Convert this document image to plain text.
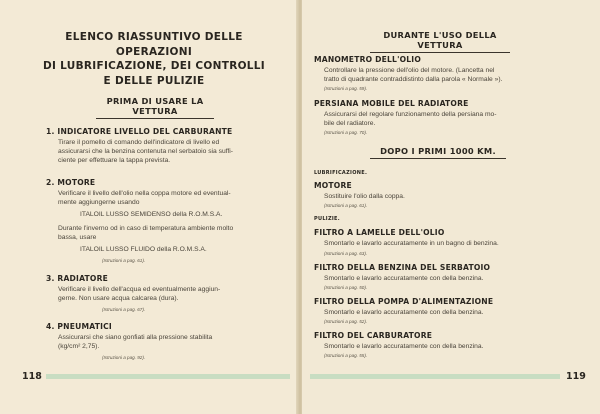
ELENCO RIASSUNTIVO DELLE OPERAZIONI
DI LUBRIFICAZIONE, DEI CONTROLLI
E DELLE PULIZIE
PRIMA DI USARE LA VETTURA
1. INDICATORE LIVELLO DEL CARBURANTE
Tirare il pomello di comando dell'indicatore di livello ed
assicurarsi che la benzina contenuta nel serbatoio sia suffi-
ciente per effettuare la tappa prevista.
2. MOTORE
Verificare il livello dell'olio nella coppa motore ed eventual-
mente aggiungerne usando
ITALOIL LUSSO SEMIDENSO della R.O.M.S.A.
Durante l'inverno od in caso di temperatura ambiente molto
bassa, usare
ITALOIL LUSSO FLUIDO della R.O.M.S.A.
(Istruzioni a pag. 61).
3. RADIATORE
Verificare il livello dell'acqua ed eventualmente aggiun-
gerne. Non usare acqua calcarea (dura).
(Istruzioni a pag. 67).
4. PNEUMATICI
Assicurarsi che siano gonfiati alla pressione stabilita
(kg/cm² 2,75).
(Istruzioni a pag. 92).
118
DURANTE L'USO DELLA VETTURA
MANOMETRO DELL'OLIO
Controllare la pressione dell'olio del motore. (Lancetta nel
tratto di quadrante contraddistinto dalla parola « Normale »).
(Istruzioni a pag. 59).
PERSIANA MOBILE DEL RADIATORE
Assicurarsi del regolare funzionamento della persiana mo-
bile del radiatore.
(Istruzioni a pag. 70).
DOPO I PRIMI 1000 KM.
LUBRIFICAZIONE.
MOTORE
Sostituire l'olio dalla coppa.
(Istruzioni a pag. 61).
PULIZIE.
FILTRO A LAMELLE DELL'OLIO
Smontarlo e lavarlo accuratamente in un bagno di benzina.
(Istruzioni a pag. 63).
FILTRO DELLA BENZINA DEL SERBATOIO
Smontarlo e lavarlo accuratamente con della benzina.
(Istruzioni a pag. 50).
FILTRO DELLA POMPA D'ALIMENTAZIONE
Smontarlo e lavarlo accuratamente con della benzina.
(Istruzioni a pag. 52).
FILTRO DEL CARBURATORE
Smontarlo e lavarlo accuratamente con della benzina.
(Istruzioni a pag. 55).
119
